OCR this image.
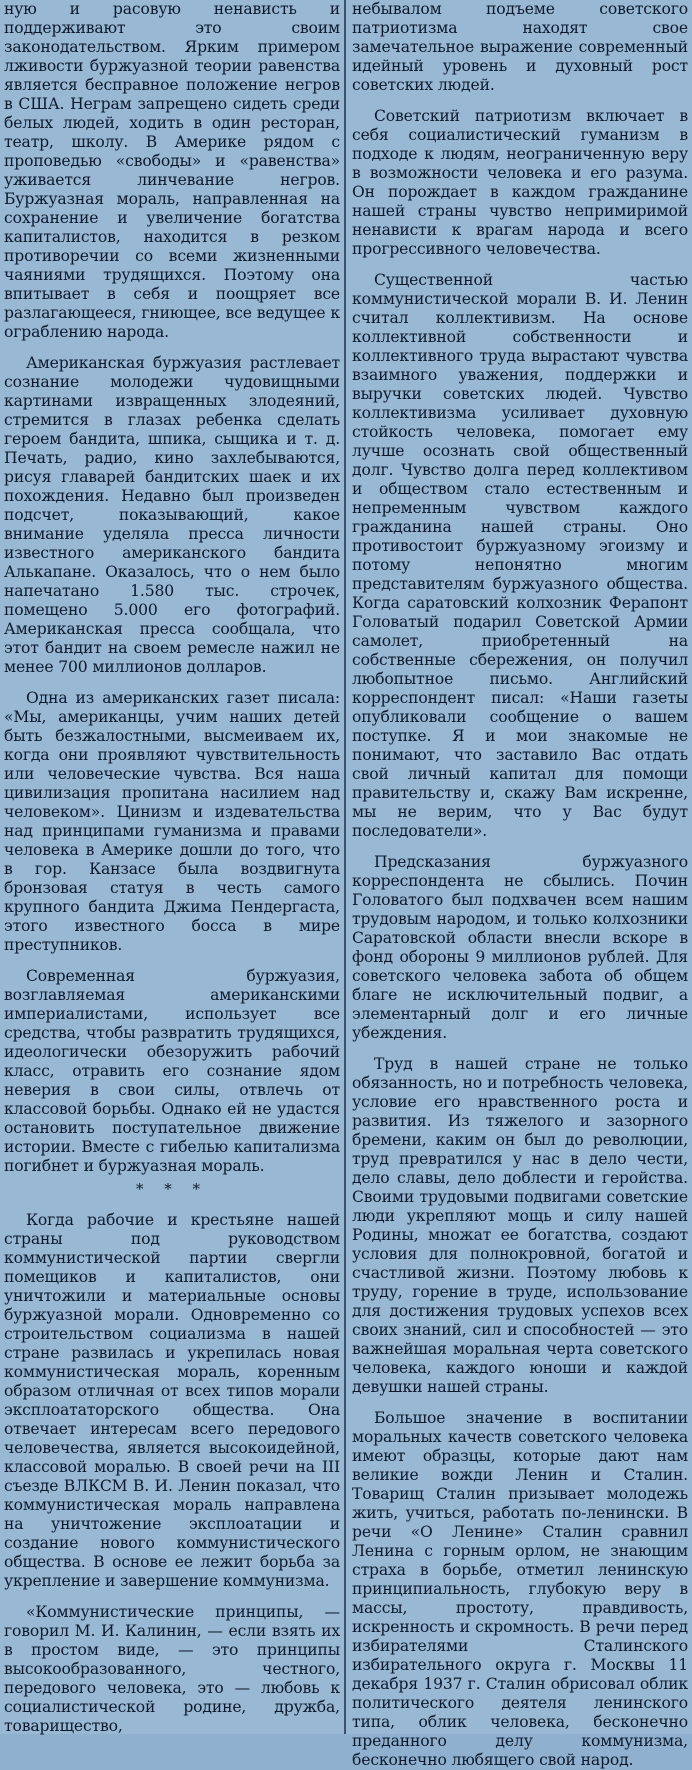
ную и расовую ненависть и поддерживают это своим законодательством. Ярким примером лживости буржуазной теории равенства является бесправное положение негров в США. Неграм запрещено сидеть среди белых людей, ходить в один ресторан, театр, школу. В Америке рядом с проповедью «свободы» и «равенства» уживается линчевание негров. Буржуазная мораль, направленная на сохранение и увеличение богатства капиталистов, находится в резком противоречии со всеми жизненными чаяниями трудящихся. Поэтому она впитывает в себя и поощряет все разлагающееся, гниющее, все ведущее к ограблению народа.

Американская буржуазия растлевает сознание молодежи чудовищными картинами извращенных злодеяний, стремится в глазах ребенка сделать героем бандита, шпика, сыщика и т. д. Печать, радио, кино захлебываются, рисуя главарей бандитских шаек и их похождения. Недавно был произведен подсчет, показывающий, какое внимание уделяла пресса личности известного американского бандита Алькапане. Оказалось, что о нем было напечатано 1.580 тыс. строчек, помещено 5.000 его фотографий. Американская пресса сообщала, что этот бандит на своем ремесле нажил не менее 700 миллионов долларов.

Одна из американских газет писала: «Мы, американцы, учим наших детей быть безжалостными, высмеиваем их, когда они проявляют чувствительность или человеческие чувства. Вся наша цивилизация пропитана насилием над человеком». Цинизм и издевательства над принципами гуманизма и правами человека в Америке дошли до того, что в гор. Канзасе была воздвигнута бронзовая статуя в честь самого крупного бандита Джима Пендергаста, этого известного босса в мире преступников.

Современная буржуазия, возглавляемая американскими империалистами, использует все средства, чтобы развратить трудящихся, идеологически обезоружить рабочий класс, отравить его сознание ядом неверия в свои силы, отвлечь от классовой борьбы. Однако ей не удастся остановить поступательное движение истории. Вместе с гибелью капитализма погибнет и буржуазная мораль.

* * *

Когда рабочие и крестьяне нашей страны под руководством коммунистической партии свергли помещиков и капиталистов, они уничтожили и материальные основы буржуазной морали. Одновременно со строительством социализма в нашей стране развилась и укрепилась новая коммунистическая мораль, коренным образом отличная от всех типов морали эксплоататорского общества. Она отвечает интересам всего передового человечества, является высокоидейной, классовой моралью. В своей речи на III съезде ВЛКСМ В. И. Ленин показал, что коммунистическая мораль направлена на уничтожение эксплоатации и создание нового коммунистического общества. В основе ее лежит борьба за укрепление и завершение коммунизма.

«Коммунистические принципы, — говорил М. И. Калинин, — если взять их в простом виде, — это принципы высокообразованного, честного, передового человека, это — любовь к социалистической родине, дружба, товарищество,

небывалом подъеме советского патриотизма находят свое замечательное выражение современный идейный уровень и духовный рост советских людей.

Советский патриотизм включает в себя социалистический гуманизм в подходе к людям, неограниченную веру в возможности человека и его разума. Он порождает в каждом гражданине нашей страны чувство непримиримой ненависти к врагам народа и всего прогрессивного человечества.

Существенной частью коммунистической морали В. И. Ленин считал коллективизм. На основе коллективной собственности и коллективного труда вырастают чувства взаимного уважения, поддержки и выручки советских людей. Чувство коллективизма усиливает духовную стойкость человека, помогает ему лучше осознать свой общественный долг. Чувство долга перед коллективом и обществом стало естественным и непременным чувством каждого гражданина нашей страны. Оно противостоит буржуазному эгоизму и потому непонятно многим представителям буржуазного общества. Когда саратовский колхозник Ферапонт Головатый подарил Советской Армии самолет, приобретенный на собственные сбережения, он получил любопытное письмо. Английский корреспондент писал: «Наши газеты опубликовали сообщение о вашем поступке. Я и мои знакомые не понимают, что заставило Вас отдать свой личный капитал для помощи правительству и, скажу Вам искренне, мы не верим, что у Вас будут последователи».

Предсказания буржуазного корреспондента не сбылись. Почин Головатого был подхвачен всем нашим трудовым народом, и только колхозники Саратовской области внесли вскоре в фонд обороны 9 миллионов рублей. Для советского человека забота об общем благе не исключительный подвиг, а элементарный долг и его личные убеждения.

Труд в нашей стране не только обязанность, но и потребность человека, условие его нравственного роста и развития. Из тяжелого и зазорного бремени, каким он был до революции, труд превратился у нас в дело чести, дело славы, дело доблести и геройства. Своими трудовыми подвигами советские люди укрепляют мощь и силу нашей Родины, множат ее богатства, создают условия для полнокровной, богатой и счастливой жизни. Поэтому любовь к труду, горение в труде, использование для достижения трудовых успехов всех своих знаний, сил и способностей — это важнейшая моральная черта советского человека, каждого юноши и каждой девушки нашей страны.

Большое значение в воспитании моральных качеств советского человека имеют образцы, которые дают нам великие вожди Ленин и Сталин. Товарищ Сталин призывает молодежь жить, учиться, работать по-ленински. В речи «О Ленине» Сталин сравнил Ленина с горным орлом, не знающим страха в борьбе, отметил ленинскую принципиальность, глубокую веру в массы, простоту, правдивость, искренность и скромность. В речи перед избирателями Сталинского избирательного округа г. Москвы 11 декабря 1937 г. Сталин обрисовал облик политического деятеля ленинского типа, облик человека, бесконечно преданного делу коммунизма, бесконечно любящего свой народ.
